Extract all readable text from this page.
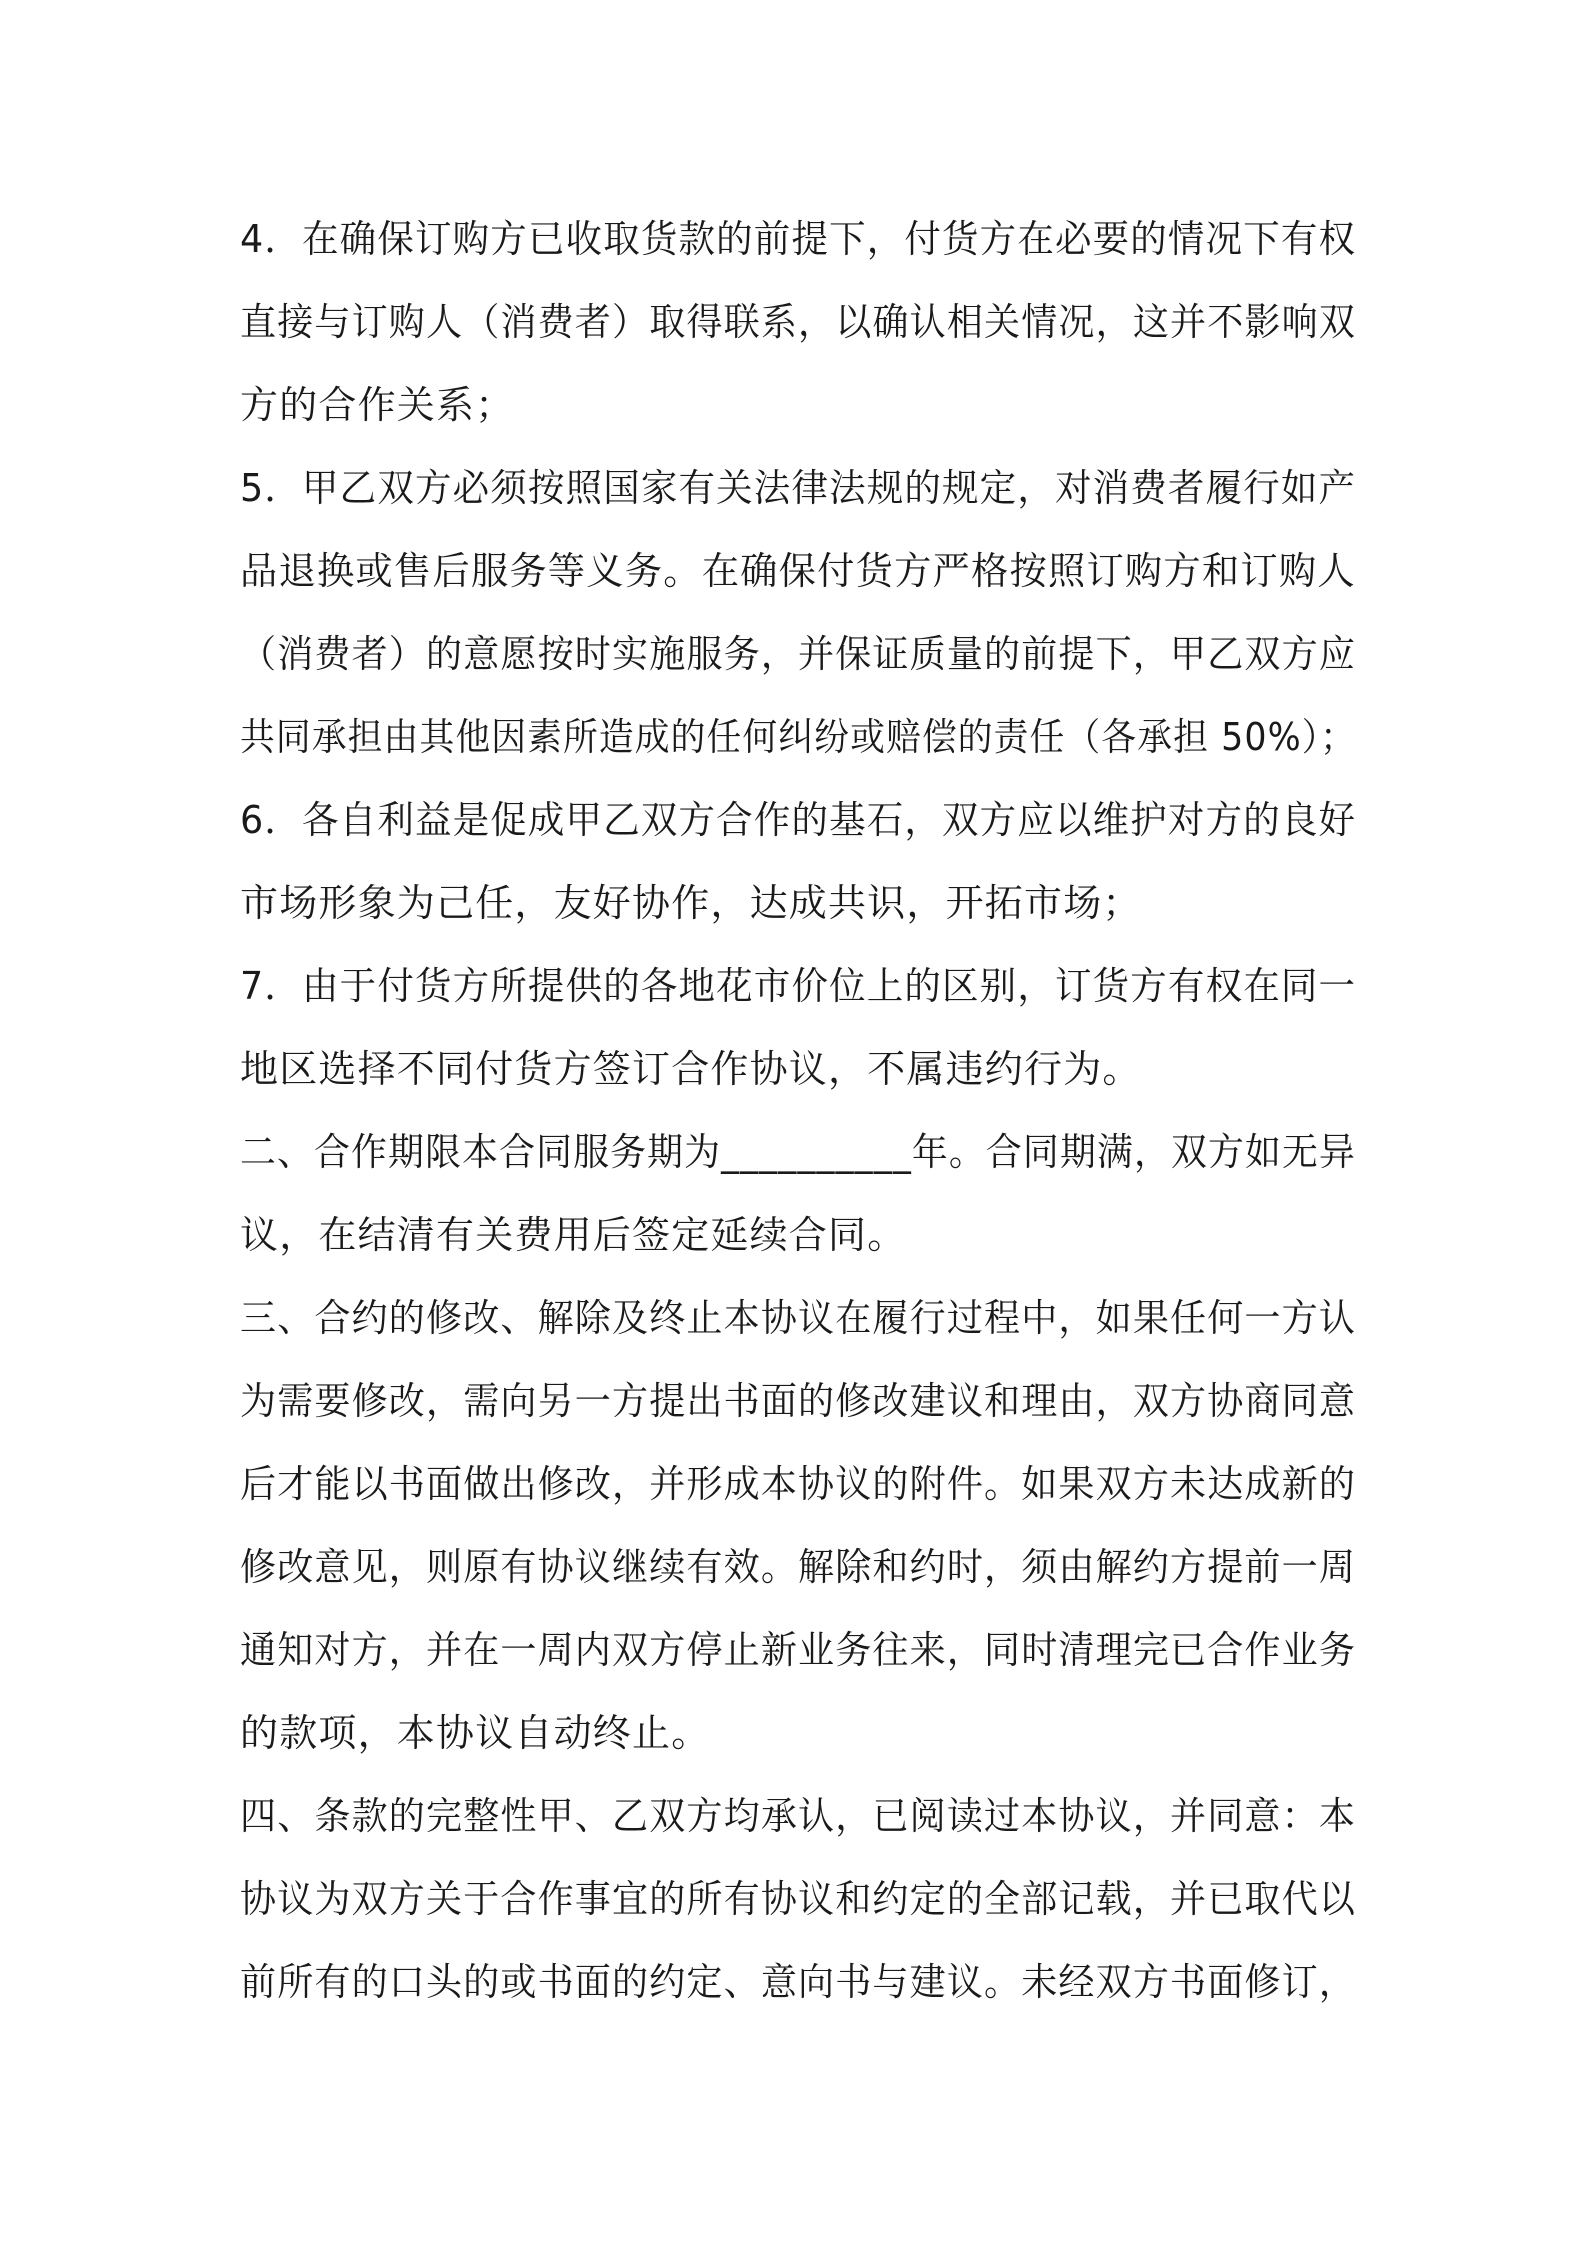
4．在确保订购方已收取货款的前提下，付货方在必要的情况下有权
直接与订购人（消费者）取得联系，以确认相关情况，这并不影响双
方的合作关系；
5．甲乙双方必须按照国家有关法律法规的规定，对消费者履行如产
品退换或售后服务等义务。在确保付货方严格按照订购方和订购人
（消费者）的意愿按时实施服务，并保证质量的前提下，甲乙双方应
共同承担由其他因素所造成的任何纠纷或赔偿的责任（各承担 50%）；
6．各自利益是促成甲乙双方合作的基石，双方应以维护对方的良好
市场形象为己任，友好协作，达成共识，开拓市场；
7．由于付货方所提供的各地花市价位上的区别，订货方有权在同一
地区选择不同付货方签订合作协议，不属违约行为。
二、合作期限本合同服务期为__________年。合同期满，双方如无异
议，在结清有关费用后签定延续合同。
三、合约的修改、解除及终止本协议在履行过程中，如果任何一方认
为需要修改，需向另一方提出书面的修改建议和理由，双方协商同意
后才能以书面做出修改，并形成本协议的附件。如果双方未达成新的
修改意见，则原有协议继续有效。解除和约时，须由解约方提前一周
通知对方，并在一周内双方停止新业务往来，同时清理完已合作业务
的款项，本协议自动终止。
四、条款的完整性甲、乙双方均承认，已阅读过本协议，并同意：本
协议为双方关于合作事宜的所有协议和约定的全部记载，并已取代以
前所有的口头的或书面的约定、意向书与建议。未经双方书面修订，
